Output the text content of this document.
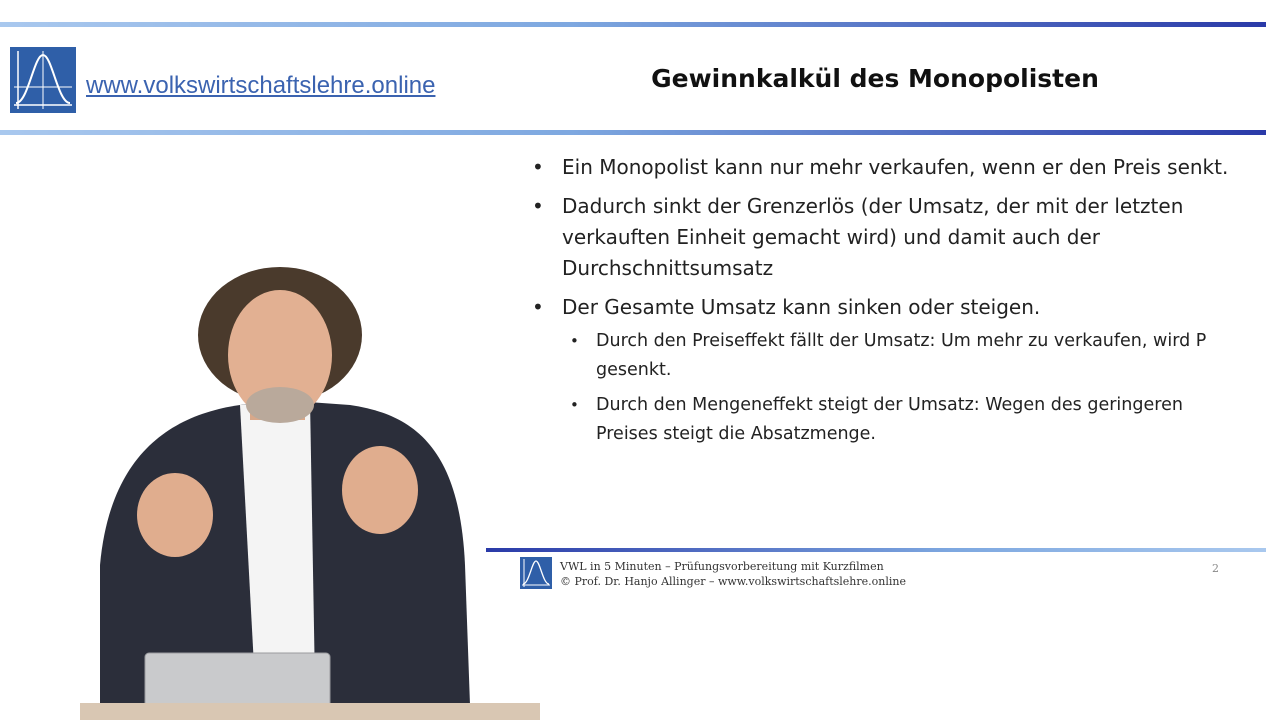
www.volkswirtschaftslehre.online	Gewinnkalkül des Monopolisten
• Ein Monopolist kann nur mehr verkaufen, wenn er den Preis senkt.
• Dadurch sinkt der Grenzerlös (der Umsatz, der mit der letzten verkauften Einheit gemacht wird) und damit auch der Durchschnittsumsatz
• Der Gesamte Umsatz kann sinken oder steigen.
• Durch den Preiseffekt fällt der Umsatz: Um mehr zu verkaufen, wird P gesenkt.
• Durch den Mengeneffekt steigt der Umsatz: Wegen des geringeren Preises steigt die Absatzmenge.
VWL in 5 Minuten – Prüfungsvorbereitung mit Kurzfilmen
© Prof. Dr. Hanjo Allinger – www.volkswirtschaftslehre.online
2
